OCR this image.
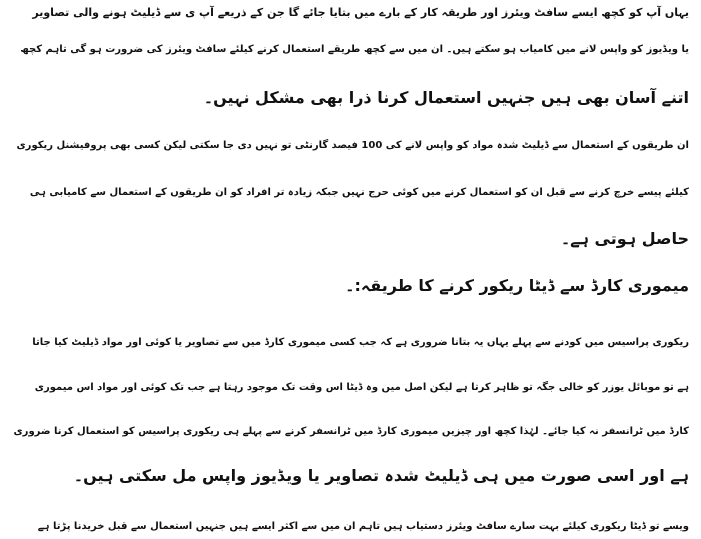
یہاں آپ کو کچھ ایسے سافٹ ویئرز اور طریقہ کار کے بارے میں بتایا جائے گا جن کے ذریعے آپ ی سے ڈیلیٹ ہونے والی تصاویر
یا ویڈیوز کو واپس لانے میں کامیاب ہو سکتے ہیں۔ ان میں سے کچھ طریقے استعمال کرنے کیلئے سافٹ ویئرز کی ضرورت ہو گی تاہم کچھ
اتنے آسان بھی ہیں جنہیں استعمال کرنا ذرا بھی مشکل نہیں۔
ان طریقوں کے استعمال سے ڈیلیٹ شدہ مواد کو واپس لانے کی 100 فیصد گارنٹی تو نہیں دی جا سکتی لیکن کسی بھی پروفیشنل ریکوری
کیلئے پیسے خرچ کرنے سے قبل ان کو استعمال کرنے میں کوئی حرج نہیں جبکہ زیادہ تر افراد کو ان طریقوں کے استعمال سے کامیابی ہی
حاصل ہوتی ہے۔
میموری کارڈ سے ڈیٹا ریکور کرنے کا طریقہ:۔
ریکوری پراسیس میں کودنے سے پہلے یہاں یہ بتانا ضروری ہے کہ جب کسی میموری کارڈ میں سے تصاویر یا کوئی اور مواد ڈیلیٹ کیا جاتا
ہے تو موبائل یوزر کو خالی جگہ تو ظاہر کرتا ہے لیکن اصل میں وہ ڈیٹا اس وقت تک موجود رہتا ہے جب تک کوئی اور مواد اس میموری
کارڈ میں ٹرانسفر نہ کیا جائے۔ لہٰذا کچھ اور چیزیں میموری کارڈ میں ٹرانسفر کرنے سے پہلے ہی ریکوری پراسیس کو استعمال کرنا ضروری
ہے اور اسی صورت میں ہی ڈیلیٹ شدہ تصاویر یا ویڈیوز واپس مل سکتی ہیں۔
ویسے تو ڈیٹا ریکوری کیلئے بہت سارے سافٹ ویئرز دستیاب ہیں تاہم ان میں سے اکثر ایسے ہیں جنہیں استعمال سے قبل خریدنا پڑتا ہے
